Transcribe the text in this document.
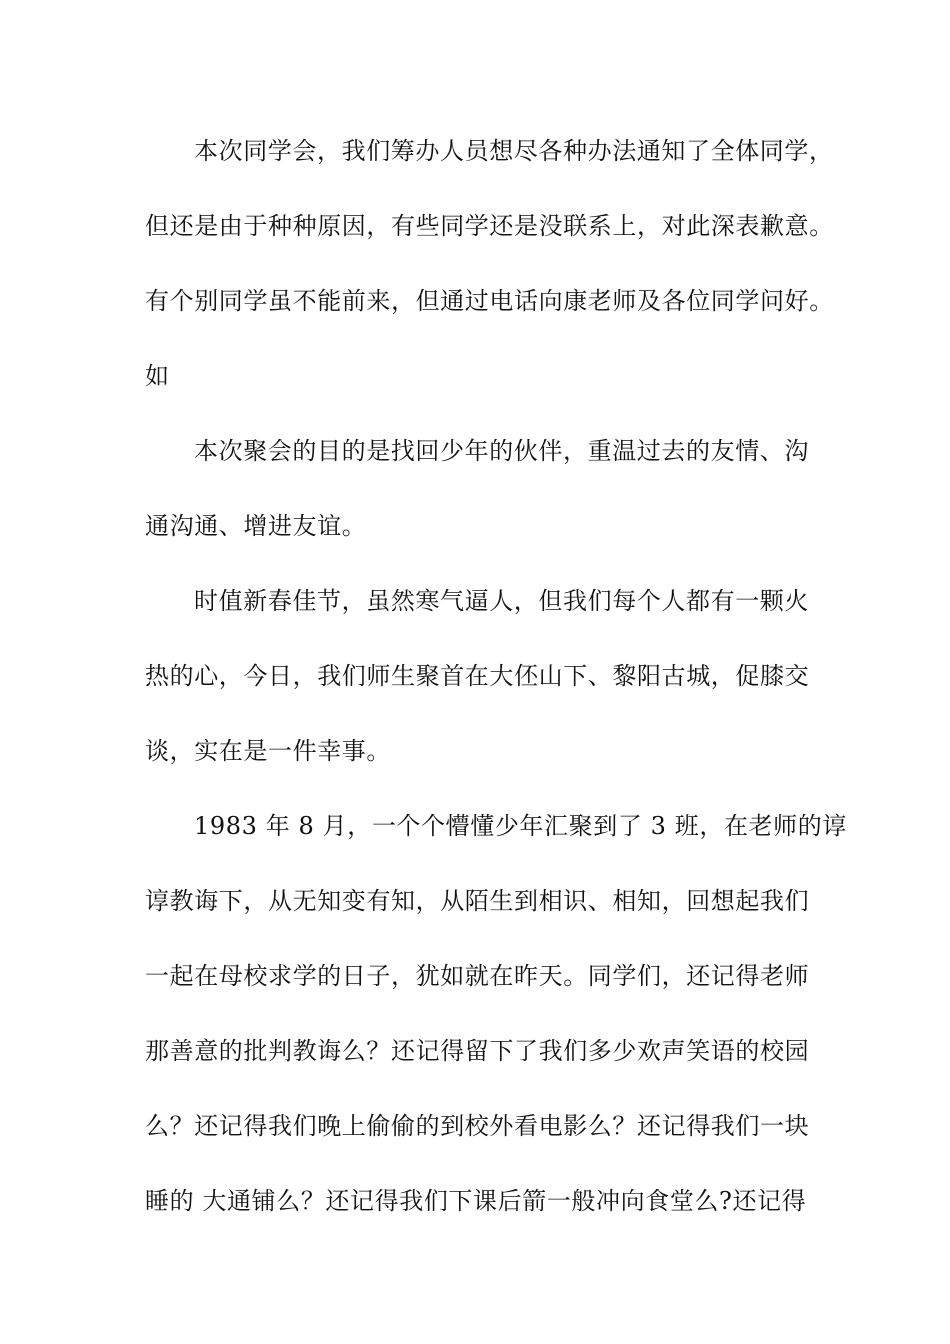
本次同学会，我们筹办人员想尽各种办法通知了全体同学，
但还是由于种种原因，有些同学还是没联系上，对此深表歉意。
有个别同学虽不能前来，但通过电话向康老师及各位同学问好。
如
本次聚会的目的是找回少年的伙伴，重温过去的友情、沟
通沟通、增进友谊。
时值新春佳节，虽然寒气逼人，但我们每个人都有一颗火
热的心，今日，我们师生聚首在大伾山下、黎阳古城，促膝交
谈，实在是一件幸事。
1983 年 8 月，一个个懵懂少年汇聚到了 3 班，在老师的谆
谆教诲下，从无知变有知，从陌生到相识、相知，回想起我们
一起在母校求学的日子，犹如就在昨天。同学们，还记得老师
那善意的批判教诲么？还记得留下了我们多少欢声笑语的校园
么？还记得我们晚上偷偷的到校外看电影么？还记得我们一块
睡的 大通铺么？还记得我们下课后箭一般冲向食堂么?还记得
